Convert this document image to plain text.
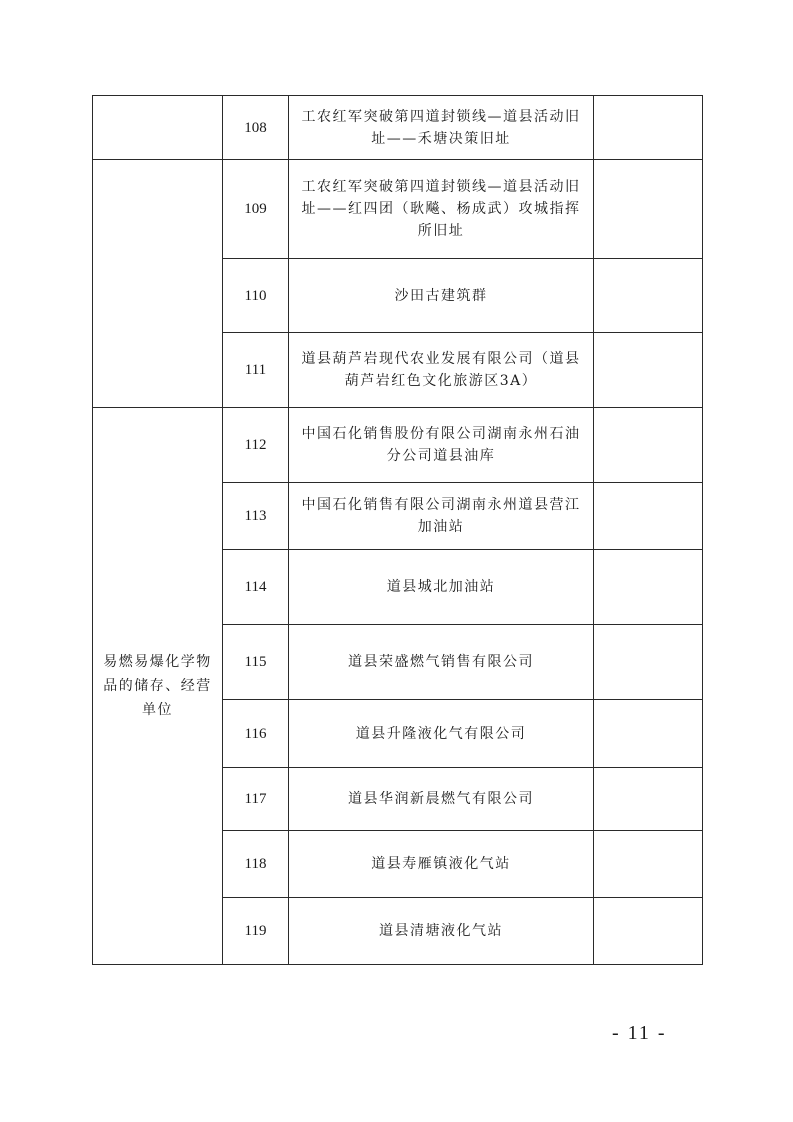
	108	工农红军突破第四道封锁线—道县活动旧址——禾塘决策旧址	
	109	工农红军突破第四道封锁线—道县活动旧址——红四团（耿飚、杨成武）攻城指挥所旧址	
	110	沙田古建筑群	
	111	道县葫芦岩现代农业发展有限公司（道县葫芦岩红色文化旅游区3A）	
易燃易爆化学物品的储存、经营单位	112	中国石化销售股份有限公司湖南永州石油分公司道县油库	
	113	中国石化销售有限公司湖南永州道县营江加油站	
	114	道县城北加油站	
	115	道县荣盛燃气销售有限公司	
	116	道县升隆液化气有限公司	
	117	道县华润新晨燃气有限公司	
	118	道县寿雁镇液化气站	
	119	道县清塘液化气站	
- 11 -
